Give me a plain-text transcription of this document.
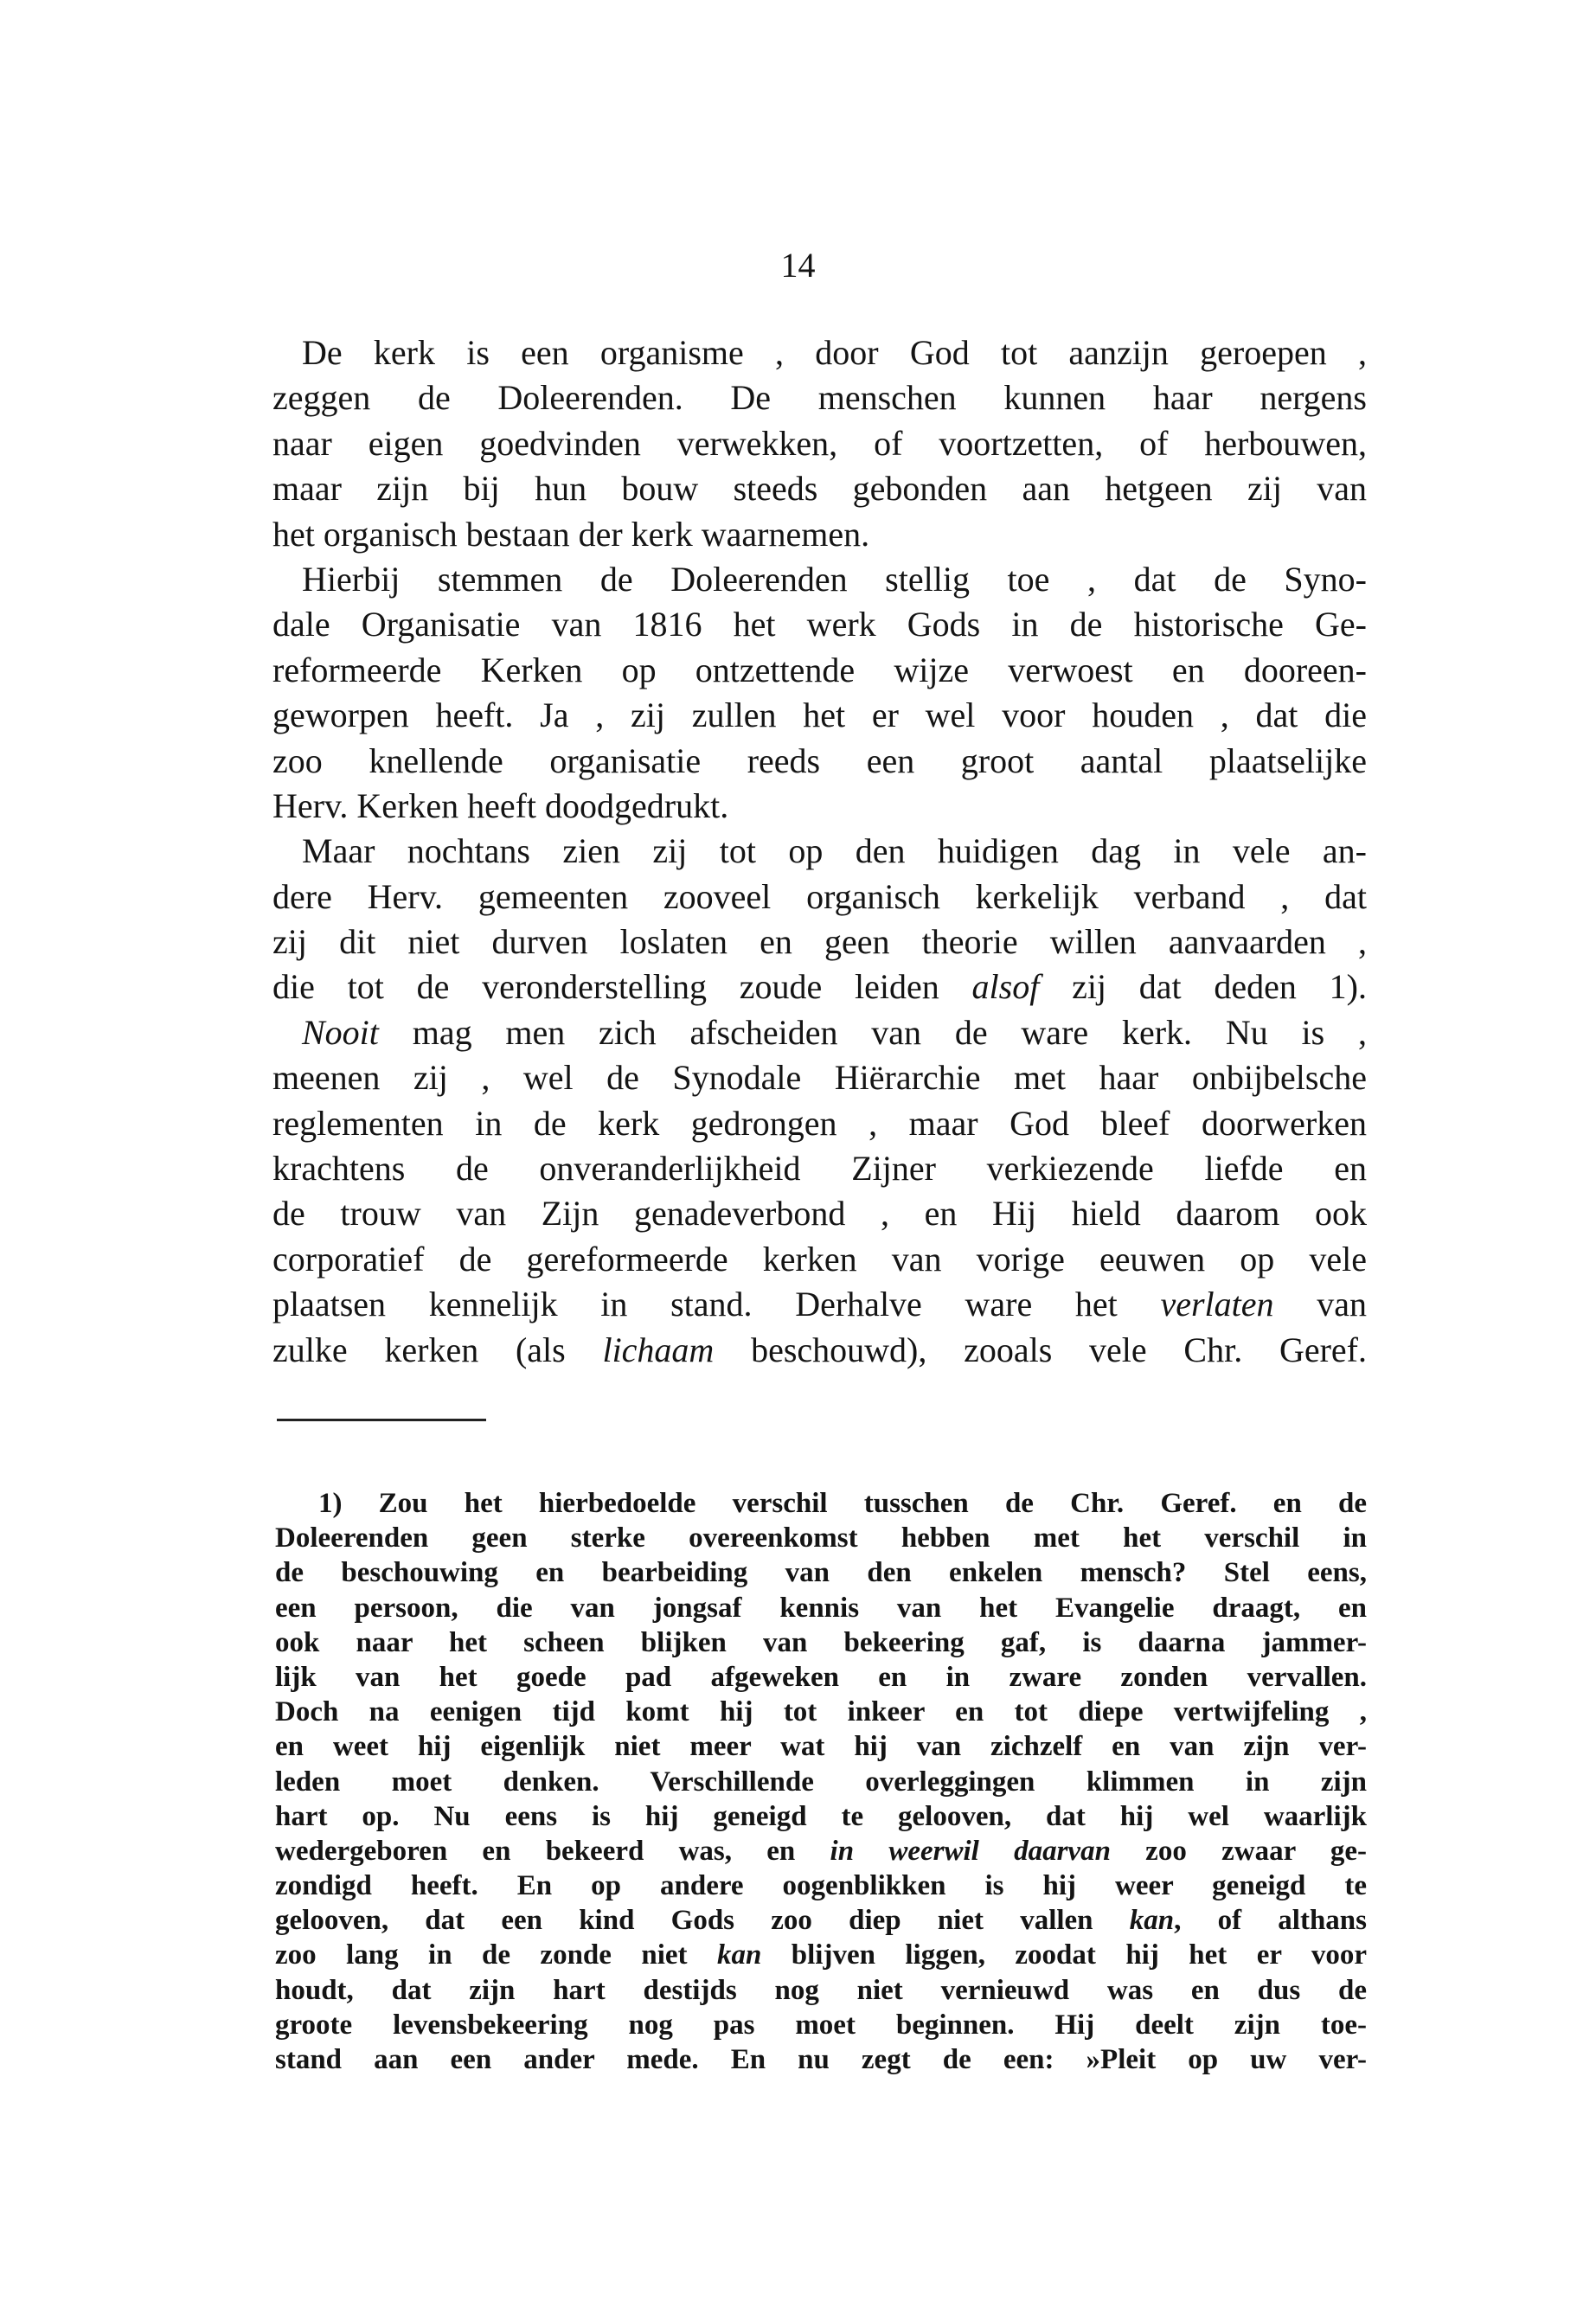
14
De kerk is een organisme , door God tot aanzijn geroepen ,
zeggen de Doleerenden. De menschen kunnen haar nergens
naar eigen goedvinden verwekken, of voortzetten, of herbouwen,
maar zijn bij hun bouw steeds gebonden aan hetgeen zij van
het organisch bestaan der kerk waarnemen.
Hierbij stemmen de Doleerenden stellig toe , dat de Syno-
dale Organisatie van 1816 het werk Gods in de historische Ge-
reformeerde Kerken op ontzettende wijze verwoest en dooreen-
geworpen heeft. Ja , zij zullen het er wel voor houden , dat die
zoo knellende organisatie reeds een groot aantal plaatselijke
Herv. Kerken heeft doodgedrukt.
Maar nochtans zien zij tot op den huidigen dag in vele an-
dere Herv. gemeenten zooveel organisch kerkelijk verband , dat
zij dit niet durven loslaten en geen theorie willen aanvaarden ,
die tot de veronderstelling zoude leiden alsof zij dat deden 1).
Nooit mag men zich afscheiden van de ware kerk. Nu is ,
meenen zij , wel de Synodale Hiërarchie met haar onbijbelsche
reglementen in de kerk gedrongen , maar God bleef doorwerken
krachtens de onveranderlijkheid Zijner verkiezende liefde en
de trouw van Zijn genadeverbond , en Hij hield daarom ook
corporatief de gereformeerde kerken van vorige eeuwen op vele
plaatsen kennelijk in stand. Derhalve ware het verlaten van
zulke kerken (als lichaam beschouwd), zooals vele Chr. Geref.
1) Zou het hierbedoelde verschil tusschen de Chr. Geref. en de
Doleerenden geen sterke overeenkomst hebben met het verschil in
de beschouwing en bearbeiding van den enkelen mensch? Stel eens,
een persoon, die van jongsaf kennis van het Evangelie draagt, en
ook naar het scheen blijken van bekeering gaf, is daarna jammer-
lijk van het goede pad afgeweken en in zware zonden vervallen.
Doch na eenigen tijd komt hij tot inkeer en tot diepe vertwijfeling ,
en weet hij eigenlijk niet meer wat hij van zichzelf en van zijn ver-
leden moet denken. Verschillende overleggingen klimmen in zijn
hart op. Nu eens is hij geneigd te gelooven, dat hij wel waarlijk
wedergeboren en bekeerd was, en in weerwil daarvan zoo zwaar ge-
zondigd heeft. En op andere oogenblikken is hij weer geneigd te
gelooven, dat een kind Gods zoo diep niet vallen kan, of althans
zoo lang in de zonde niet kan blijven liggen, zoodat hij het er voor
houdt, dat zijn hart destijds nog niet vernieuwd was en dus de
groote levensbekeering nog pas moet beginnen. Hij deelt zijn toe-
stand aan een ander mede. En nu zegt de een: »Pleit op uw ver-
